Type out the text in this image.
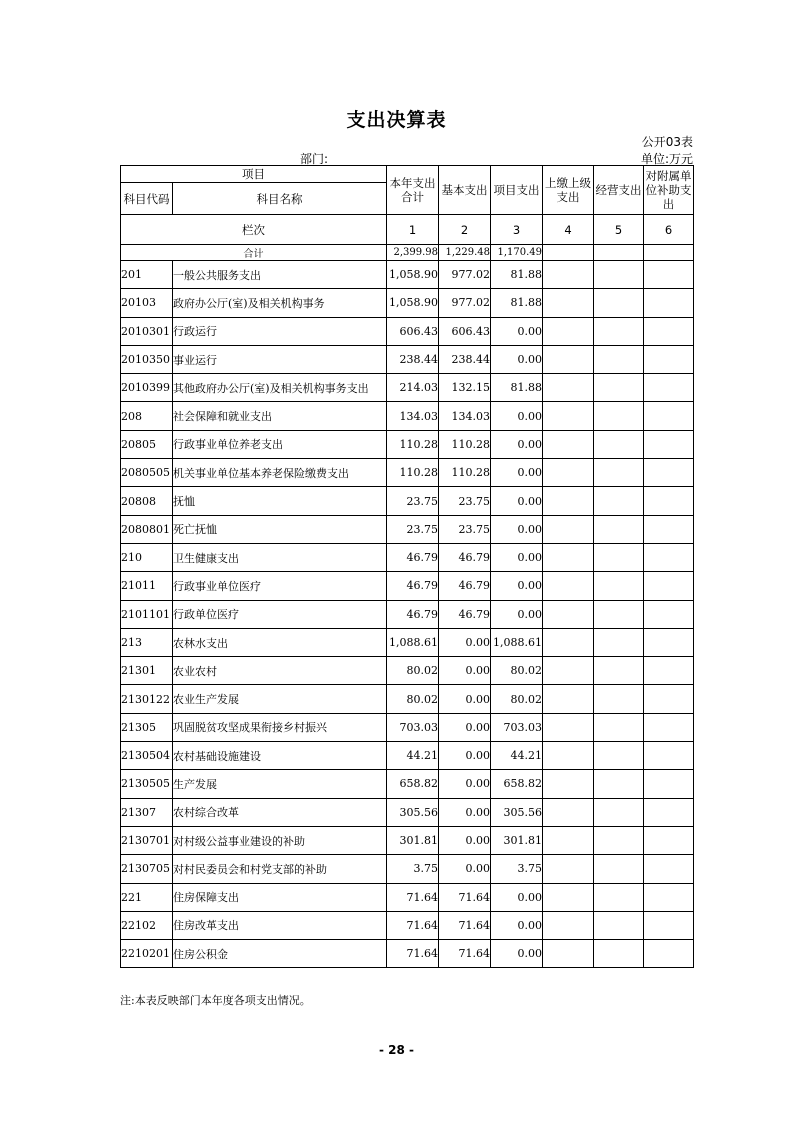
支出决算表
公开03表
部门:	单位:万元
项目		本年支出合计	基本支出	项目支出	上缴上级支出	经营支出	对附属单位补助支出
科目代码	科目名称						
栏次		1	2	3	4	5	6
合计		2,399.98	1,229.48	1,170.49			
201	一般公共服务支出	1,058.90	977.02	81.88			
20103	政府办公厅(室)及相关机构事务	1,058.90	977.02	81.88			
2010301	行政运行	606.43	606.43	0.00			
2010350	事业运行	238.44	238.44	0.00			
2010399	其他政府办公厅(室)及相关机构事务支出	214.03	132.15	81.88			
208	社会保障和就业支出	134.03	134.03	0.00			
20805	行政事业单位养老支出	110.28	110.28	0.00			
2080505	机关事业单位基本养老保险缴费支出	110.28	110.28	0.00			
20808	抚恤	23.75	23.75	0.00			
2080801	死亡抚恤	23.75	23.75	0.00			
210	卫生健康支出	46.79	46.79	0.00			
21011	行政事业单位医疗	46.79	46.79	0.00			
2101101	行政单位医疗	46.79	46.79	0.00			
213	农林水支出	1,088.61	0.00	1,088.61			
21301	农业农村	80.02	0.00	80.02			
2130122	农业生产发展	80.02	0.00	80.02			
21305	巩固脱贫攻坚成果衔接乡村振兴	703.03	0.00	703.03			
2130504	农村基础设施建设	44.21	0.00	44.21			
2130505	生产发展	658.82	0.00	658.82			
21307	农村综合改革	305.56	0.00	305.56			
2130701	对村级公益事业建设的补助	301.81	0.00	301.81			
2130705	对村民委员会和村党支部的补助	3.75	0.00	3.75			
221	住房保障支出	71.64	71.64	0.00			
22102	住房改革支出	71.64	71.64	0.00			
2210201	住房公积金	71.64	71.64	0.00			
注:本表反映部门本年度各项支出情况。
- 28 -
